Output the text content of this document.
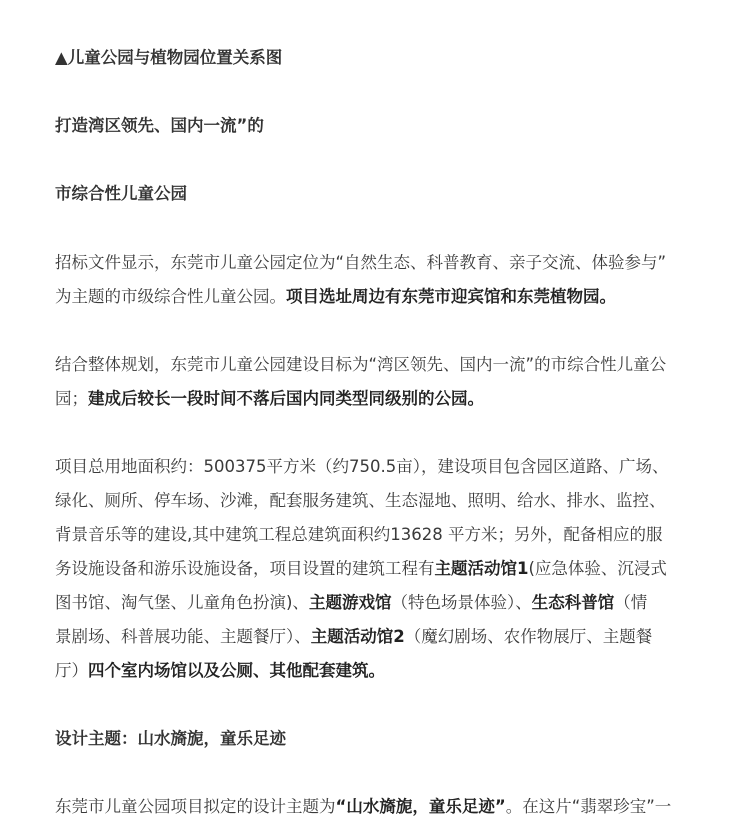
▲儿童公园与植物园位置关系图
打造湾区领先、国内一流”的
市综合性儿童公园
招标文件显示，东莞市儿童公园定位为“自然生态、科普教育、亲子交流、体验参与”
为主题的市级综合性儿童公园。项目选址周边有东莞市迎宾馆和东莞植物园。
结合整体规划，东莞市儿童公园建设目标为“湾区领先、国内一流”的市综合性儿童公
园；建成后较长一段时间不落后国内同类型同级别的公园。
项目总用地面积约：500375平方米（约750.5亩），建设项目包含园区道路、广场、
绿化、厕所、停车场、沙滩，配套服务建筑、生态湿地、照明、给水、排水、监控、
背景音乐等的建设,其中建筑工程总建筑面积约13628 平方米；另外，配备相应的服
务设施设备和游乐设施设备，项目设置的建筑工程有主题活动馆1(应急体验、沉浸式
图书馆、淘气堡、儿童角色扮演)、主题游戏馆（特色场景体验）、生态科普馆（情
景剧场、科普展功能、主题餐厅）、主题活动馆2（魔幻剧场、农作物展厅、主题餐
厅）四个室内场馆以及公厕、其他配套建筑。
设计主题：山水旖旎，童乐足迹
东莞市儿童公园项目拟定的设计主题为“山水旖旎，童乐足迹”。在这片“翡翠珍宝”一
